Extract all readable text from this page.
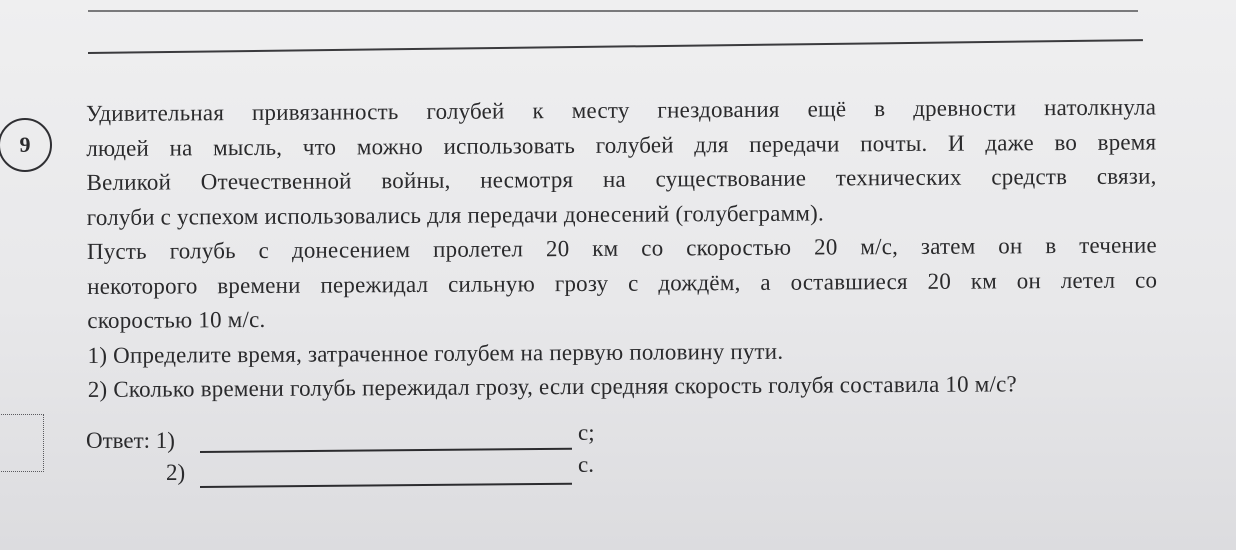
9
Удивительная привязанность голубей к месту гнездования ещё в древности натолкнула
людей на мысль, что можно использовать голубей для передачи почты. И даже во время
Великой Отечественной войны, несмотря на существование технических средств связи,
голуби с успехом использовались для передачи донесений (голубеграмм).
Пусть голубь с донесением пролетел 20 км со скоростью 20 м/с, затем он в течение
некоторого времени пережидал сильную грозу с дождём, а оставшиеся 20 км он летел со
скоростью 10 м/с.
1) Определите время, затраченное голубем на первую половину пути.
2) Сколько времени голубь пережидал грозу, если средняя скорость голубя составила 10 м/с?
Ответ: 1)	с;
2)	с.
